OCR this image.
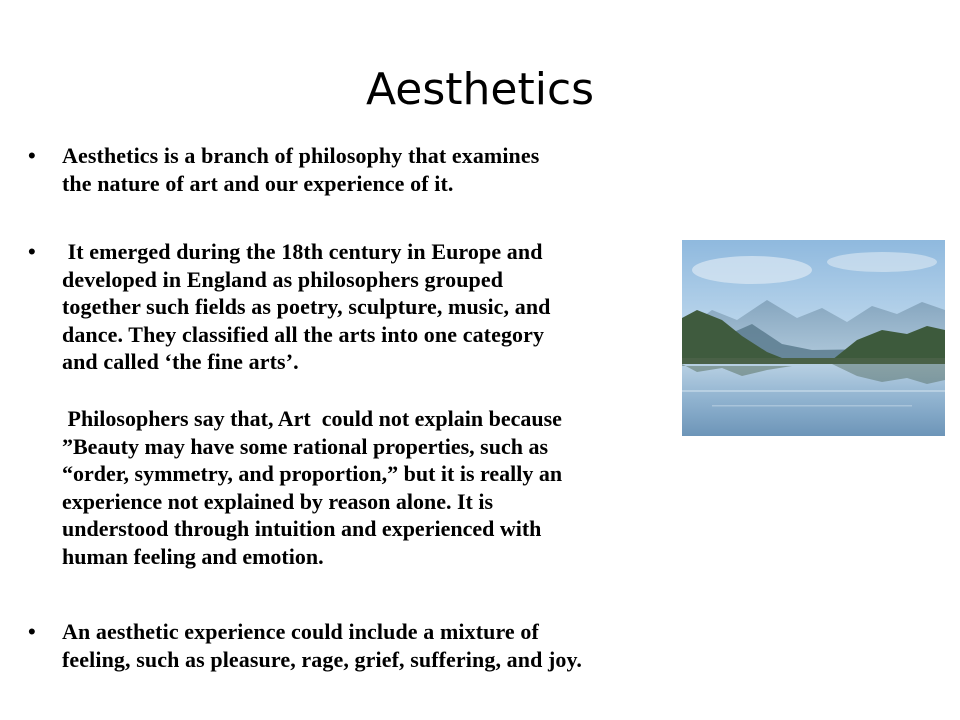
Aesthetics
• Aesthetics is a branch of philosophy that examines
the nature of art and our experience of it.
•  It emerged during the 18th century in Europe and
developed in England as philosophers grouped
together such fields as poetry, sculpture, music, and
dance. They classified all the arts into one category
and called ‘the fine arts’.
Philosophers say that, Art  could not explain because
”Beauty may have some rational properties, such as
“order, symmetry, and proportion,” but it is really an
experience not explained by reason alone. It is
understood through intuition and experienced with
human feeling and emotion.
• An aesthetic experience could include a mixture of
feeling, such as pleasure, rage, grief, suffering, and joy.
